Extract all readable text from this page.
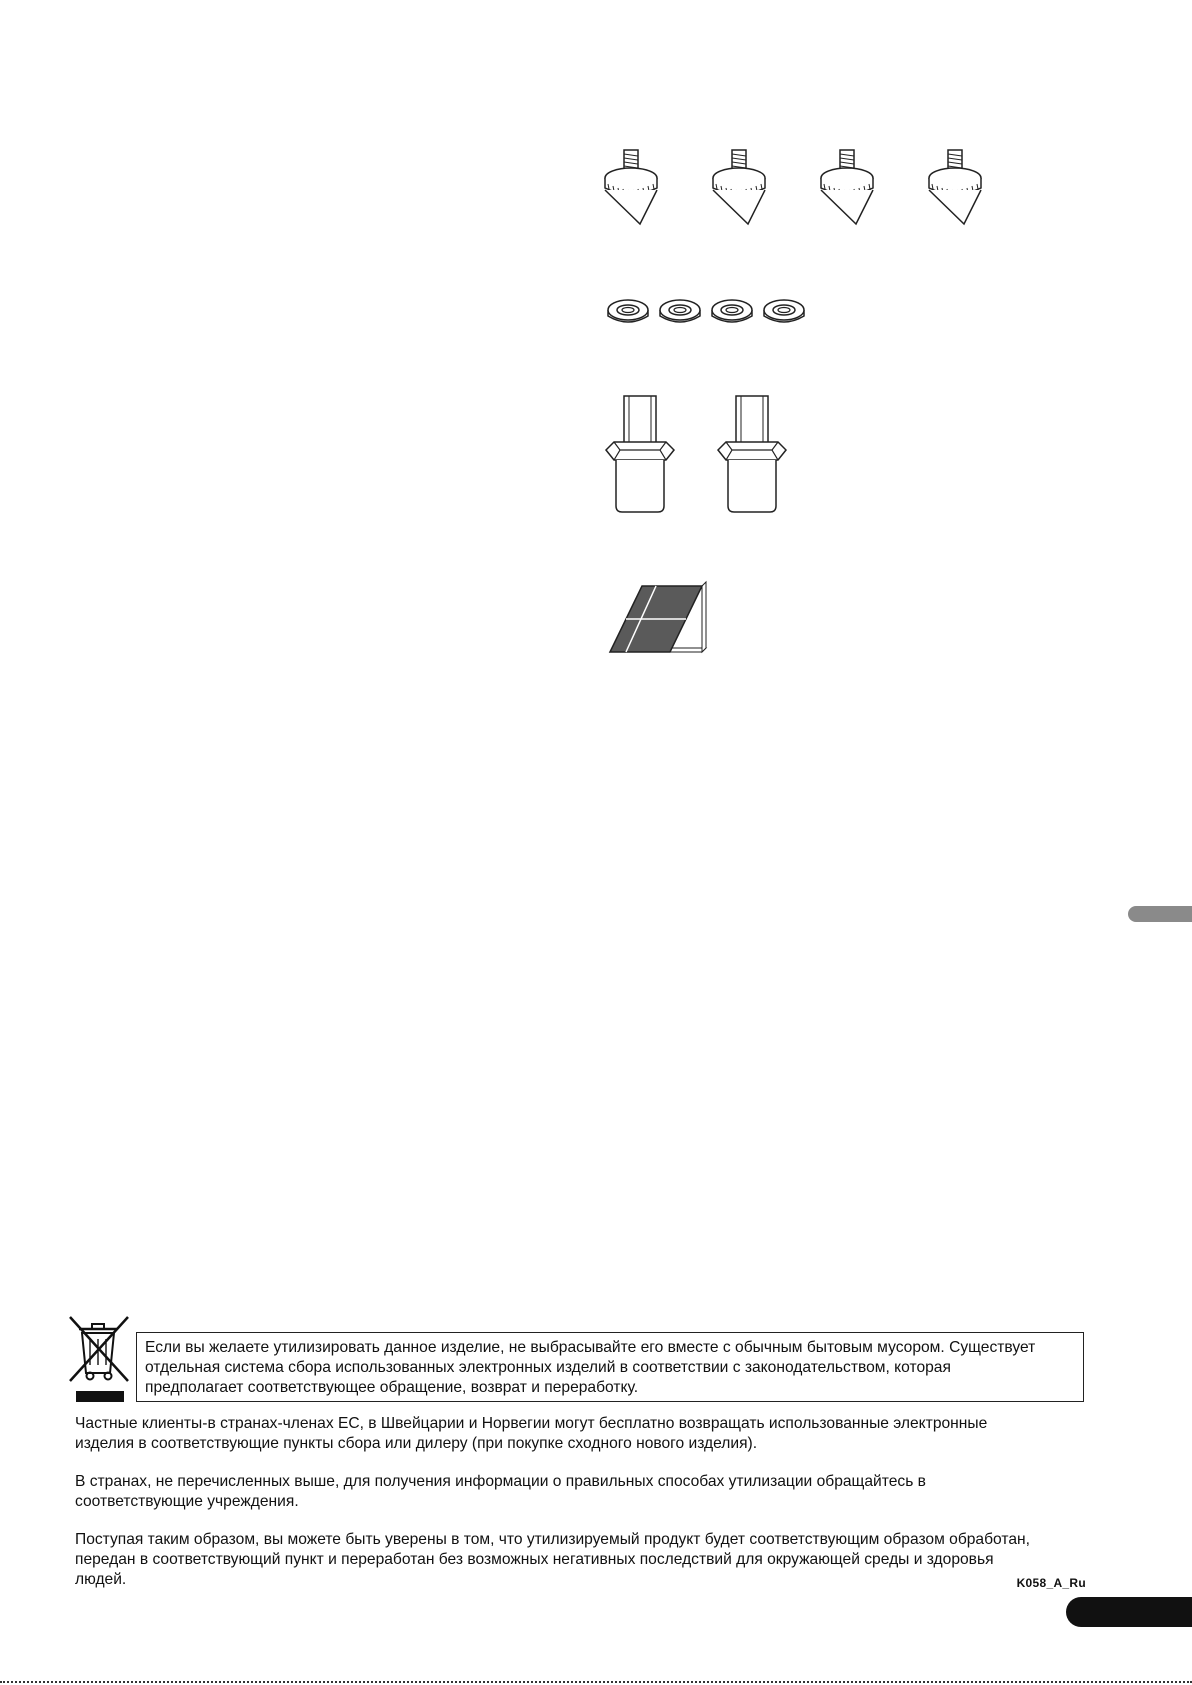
Если вы желаете утилизировать данное изделие, не выбрасывайте его вместе с обычным бытовым мусором. Существует
отдельная система сбора использованных электронных изделий в соответствии с законодательством, которая
предполагает соответствующее обращение, возврат и переработку.
Частные клиенты-в странах-членах ЕС, в Швейцарии и Норвегии могут бесплатно возвращать использованные электронные
изделия в соответствующие пункты сбора или дилеру (при покупке сходного нового изделия).
В странах, не перечисленных выше, для получения информации о правильных способах утилизации обращайтесь в
соответствующие учреждения.
Поступая таким образом, вы можете быть уверены в том, что утилизируемый продукт будет соответствующим образом обработан,
передан в соответствующий пункт и переработан без возможных негативных последствий для окружающей среды и здоровья
людей.	K058_A_Ru
